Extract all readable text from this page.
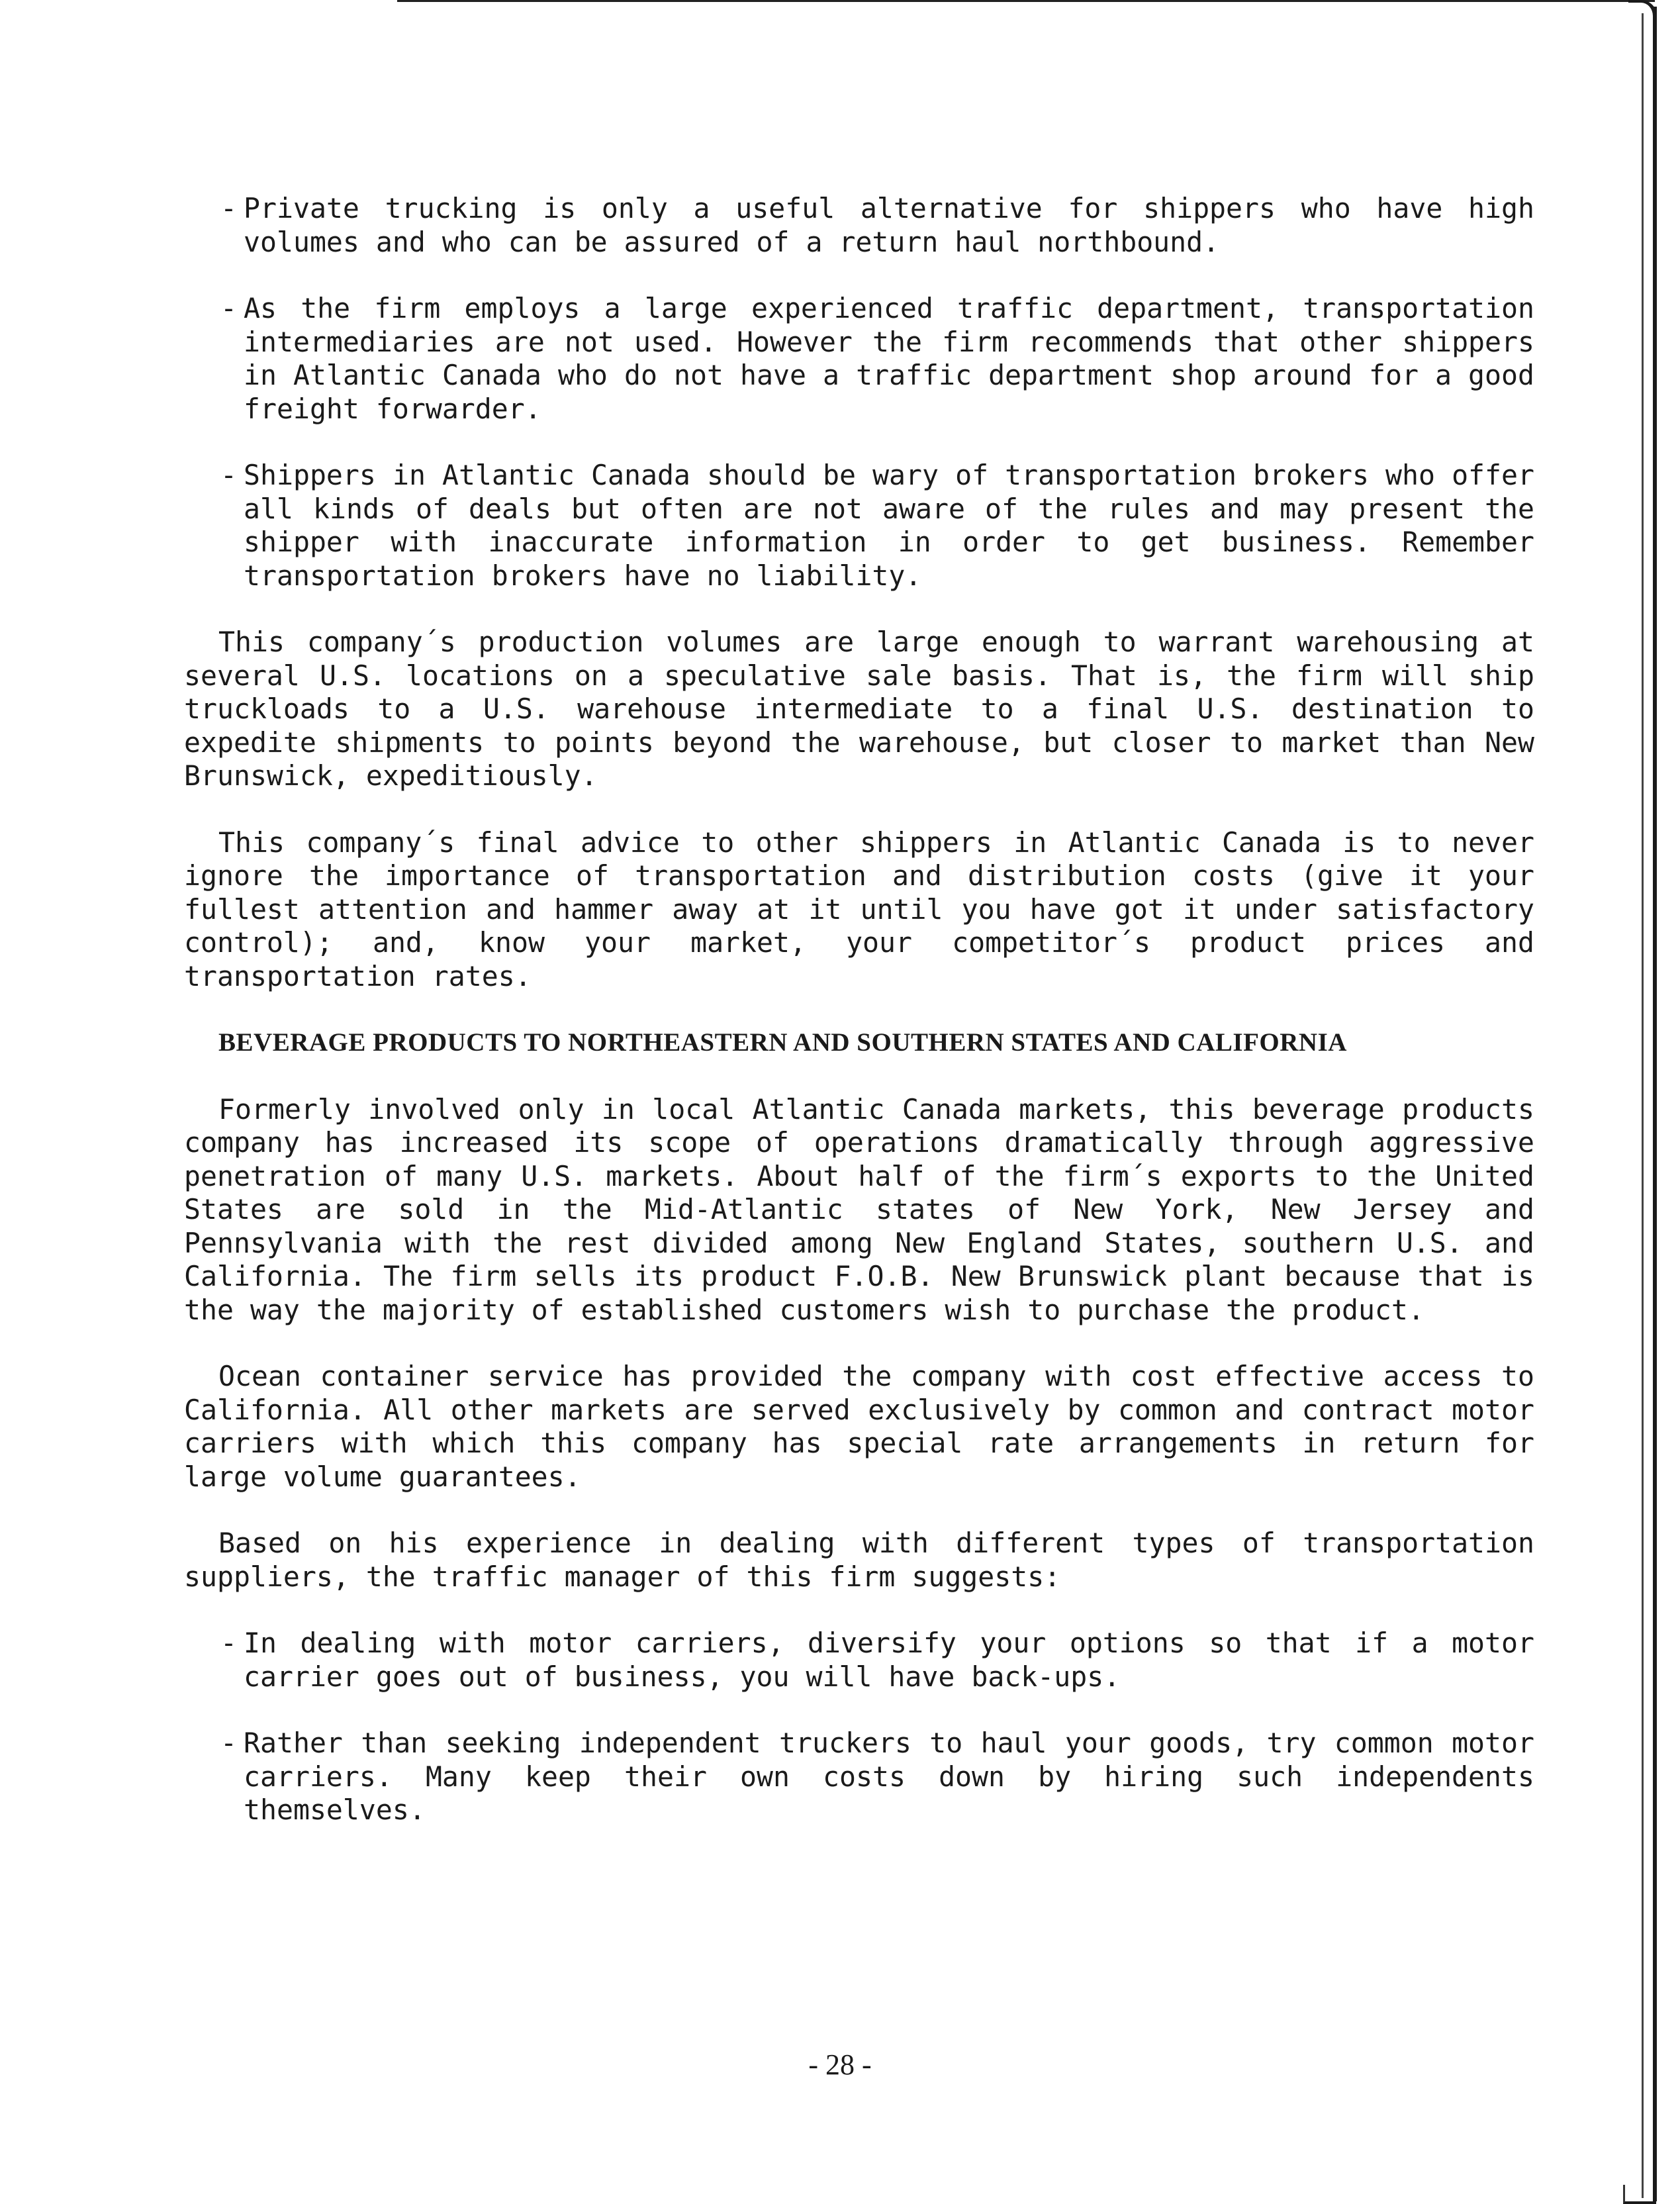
- Private trucking is only a useful alternative for shippers who have high volumes and who can be assured of a return haul northbound.
- As the firm employs a large experienced traffic department, transportation intermediaries are not used. However the firm recommends that other shippers in Atlantic Canada who do not have a traffic department shop around for a good freight forwarder.
- Shippers in Atlantic Canada should be wary of transportation brokers who offer all kinds of deals but often are not aware of the rules and may present the shipper with inaccurate information in order to get business. Remember transportation brokers have no liability.

This company´s production volumes are large enough to warrant warehousing at several U.S. locations on a speculative sale basis. That is, the firm will ship truckloads to a U.S. warehouse intermediate to a final U.S. destination to expedite shipments to points beyond the warehouse, but closer to market than New Brunswick, expeditiously.

This company´s final advice to other shippers in Atlantic Canada is to never ignore the importance of transportation and distribution costs (give it your fullest attention and hammer away at it until you have got it under satisfactory control); and, know your market, your competitor´s product prices and transportation rates.

BEVERAGE PRODUCTS TO NORTHEASTERN AND SOUTHERN STATES AND CALIFORNIA

Formerly involved only in local Atlantic Canada markets, this beverage products company has increased its scope of operations dramatically through aggressive penetration of many U.S. markets. About half of the firm´s exports to the United States are sold in the Mid-Atlantic states of New York, New Jersey and Pennsylvania with the rest divided among New England States, southern U.S. and California. The firm sells its product F.O.B. New Brunswick plant because that is the way the majority of established customers wish to purchase the product.

Ocean container service has provided the company with cost effective access to California. All other markets are served exclusively by common and contract motor carriers with which this company has special rate arrangements in return for large volume guarantees.

Based on his experience in dealing with different types of transportation suppliers, the traffic manager of this firm suggests:

- In dealing with motor carriers, diversify your options so that if a motor carrier goes out of business, you will have back-ups.
- Rather than seeking independent truckers to haul your goods, try common motor carriers. Many keep their own costs down by hiring such independents themselves.
- 28 -
